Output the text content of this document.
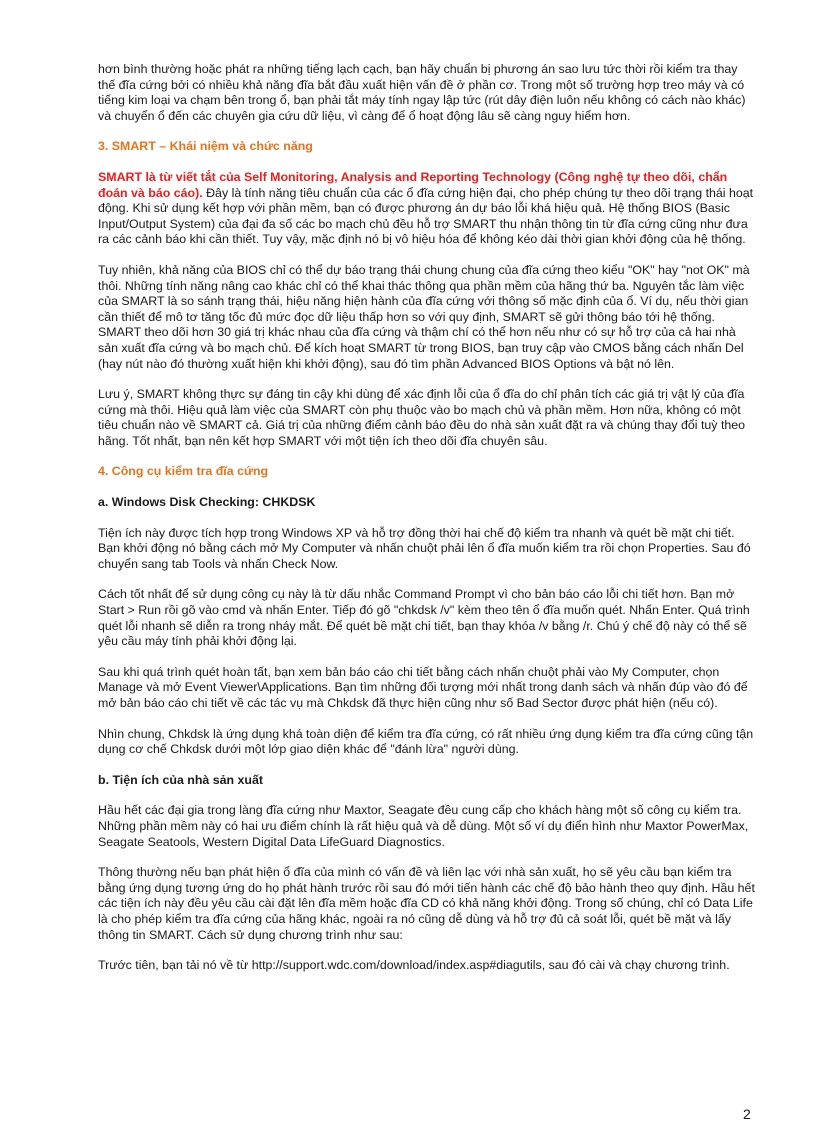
hơn bình thường hoặc phát ra những tiếng lạch cạch, bạn hãy chuẩn bị phương án sao lưu tức thời rồi kiểm tra thay thế đĩa cứng bởi có nhiều khả năng đĩa bắt đầu xuất hiện vấn đề ở phần cơ. Trong một số trường hợp treo máy và có tiếng kim loại va chạm bên trong ổ, bạn phải tắt máy tính ngay lập tức (rút dây điện luôn nếu không có cách nào khác) và chuyển ổ đến các chuyên gia cứu dữ liệu, vì càng để ổ hoạt động lâu sẽ càng nguy hiểm hơn.

3. SMART – Khái niệm và chức năng

SMART là từ viết tắt của Self Monitoring, Analysis and Reporting Technology (Công nghệ tự theo dõi, chẩn đoán và báo cáo). Đây là tính năng tiêu chuẩn của các ổ đĩa cứng hiện đại, cho phép chúng tự theo dõi trạng thái hoạt động. Khi sử dụng kết hợp với phần mềm, bạn có được phương án dự báo lỗi khá hiệu quả. Hệ thống BIOS (Basic Input/Output System) của đại đa số các bo mạch chủ đều hỗ trợ SMART thu nhận thông tin từ đĩa cứng cũng như đưa ra các cảnh báo khi cần thiết. Tuy vậy, mặc định nó bị vô hiệu hóa để không kéo dài thời gian khởi động của hệ thống.

Tuy nhiên, khả năng của BIOS chỉ có thể dự báo trạng thái chung chung của đĩa cứng theo kiểu "OK" hay "not OK" mà thôi. Những tính năng nâng cao khác chỉ có thể khai thác thông qua phần mềm của hãng thứ ba. Nguyên tắc làm việc của SMART là so sánh trạng thái, hiệu năng hiện hành của đĩa cứng với thông số mặc định của ổ. Ví dụ, nếu thời gian cần thiết để mô tơ tăng tốc đủ mức đọc dữ liệu thấp hơn so với quy định, SMART sẽ gửi thông báo tới hệ thống. SMART theo dõi hơn 30 giá trị khác nhau của đĩa cứng và thậm chí có thể hơn nếu như có sự hỗ trợ của cả hai nhà sản xuất đĩa cứng và bo mạch chủ. Để kích hoạt SMART từ trong BIOS, bạn truy cập vào CMOS bằng cách nhấn Del (hay nút nào đó thường xuất hiện khi khởi động), sau đó tìm phần Advanced BIOS Options và bật nó lên.

Lưu ý, SMART không thực sự đáng tin cậy khi dùng để xác định lỗi của ổ đĩa do chỉ phân tích các giá trị vật lý của đĩa cứng mà thôi. Hiệu quả làm việc của SMART còn phụ thuộc vào bo mạch chủ và phần mềm. Hơn nữa, không có một tiêu chuẩn nào về SMART cả. Giá trị của những điểm cảnh báo đều do nhà sản xuất đặt ra và chúng thay đổi tuỳ theo hãng. Tốt nhất, bạn nên kết hợp SMART với một tiện ích theo dõi đĩa chuyên sâu.

4. Công cụ kiểm tra đĩa cứng

a. Windows Disk Checking: CHKDSK

Tiện ích này được tích hợp trong Windows XP và hỗ trợ đồng thời hai chế độ kiểm tra nhanh và quét bề mặt chi tiết. Bạn khởi động nó bằng cách mở My Computer và nhấn chuột phải lên ổ đĩa muốn kiểm tra rồi chọn Properties. Sau đó chuyển sang tab Tools và nhấn Check Now.

Cách tốt nhất để sử dụng công cụ này là từ dấu nhắc Command Prompt vì cho bản báo cáo lỗi chi tiết hơn. Bạn mở Start > Run rồi gõ vào cmd và nhấn Enter. Tiếp đó gõ "chkdsk /v" kèm theo tên ổ đĩa muốn quét. Nhấn Enter. Quá trình quét lỗi nhanh sẽ diễn ra trong nháy mắt. Để quét bề mặt chi tiết, bạn thay khóa /v bằng /r. Chú ý chế độ này có thể sẽ yêu cầu máy tính phải khởi động lại.

Sau khi quá trình quét hoàn tất, bạn xem bản báo cáo chi tiết bằng cách nhấn chuột phải vào My Computer, chọn Manage và mở Event Viewer\Applications. Bạn tìm những đối tượng mới nhất trong danh sách và nhấn đúp vào đó để mở bản báo cáo chi tiết về các tác vụ mà Chkdsk đã thực hiện cũng như số Bad Sector được phát hiện (nếu có).

Nhìn chung, Chkdsk là ứng dụng khá toàn diện để kiểm tra đĩa cứng, có rất nhiều ứng dụng kiểm tra đĩa cứng cũng tận dụng cơ chế Chkdsk dưới một lớp giao diện khác để "đánh lừa" người dùng.

b. Tiện ích của nhà sản xuất

Hầu hết các đại gia trong làng đĩa cứng như Maxtor, Seagate đều cung cấp cho khách hàng một số công cụ kiểm tra. Những phần mềm này có hai ưu điểm chính là rất hiệu quả và dễ dùng. Một số ví dụ điển hình như Maxtor PowerMax, Seagate Seatools, Western Digital Data LifeGuard Diagnostics.

Thông thường nếu bạn phát hiện ổ đĩa của mình có vấn đề và liên lạc với nhà sản xuất, họ sẽ yêu cầu bạn kiểm tra bằng ứng dụng tương ứng do họ phát hành trước rồi sau đó mới tiến hành các chế độ bảo hành theo quy định. Hầu hết các tiện ích này đều yêu cầu cài đặt lên đĩa mềm hoặc đĩa CD có khả năng khởi động. Trong số chúng, chỉ có Data Life là cho phép kiểm tra đĩa cứng của hãng khác, ngoài ra nó cũng dễ dùng và hỗ trợ đủ cả soát lỗi, quét bề mặt và lấy thông tin SMART. Cách sử dụng chương trình như sau:

Trước tiên, bạn tải nó về từ http://support.wdc.com/download/index.asp#diagutils, sau đó cài và chạy chương trình.

2
